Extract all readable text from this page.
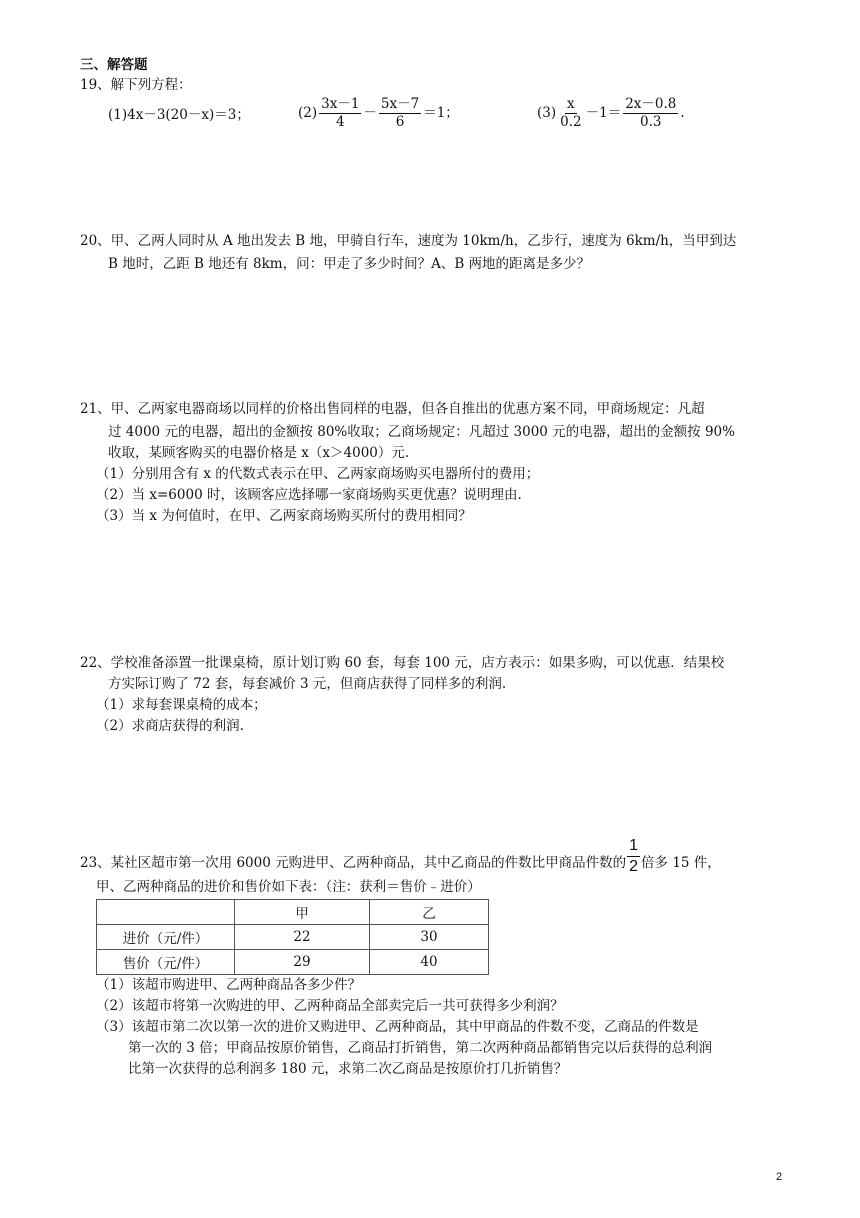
三、解答题
19、解下列方程：
(1)4x－3(20－x)＝3；	$(2) \frac{3x-1}{4} - \frac{5x-7}{6} =1$；	$(3) \frac{x}{0.2} -1= \frac{2x-0.8}{0.3}$ .
20、甲、乙两人同时从 A 地出发去 B 地，甲骑自行车，速度为 10km/h，乙步行，速度为 6km/h，当甲到达
B 地时，乙距 B 地还有 8km，问：甲走了多少时间？A、B 两地的距离是多少？
21、甲、乙两家电器商场以同样的价格出售同样的电器，但各自推出的优惠方案不同，甲商场规定：凡超
过 4000 元的电器，超出的金额按 80%收取；乙商场规定：凡超过 3000 元的电器，超出的金额按 90%
收取，某顾客购买的电器价格是 x（x＞4000）元.
（1）分别用含有 x 的代数式表示在甲、乙两家商场购买电器所付的费用；
（2）当 x=6000 时，该顾客应选择哪一家商场购买更优惠？说明理由.
（3）当 x 为何值时，在甲、乙两家商场购买所付的费用相同？
22、学校准备添置一批课桌椅，原计划订购 60 套，每套 100 元，店方表示：如果多购，可以优惠．结果校
方实际订购了 72 套，每套减价 3 元，但商店获得了同样多的利润.
（1）求每套课桌椅的成本；
（2）求商店获得的利润.
23、某社区超市第一次用 6000 元购进甲、乙两种商品，其中乙商品的件数比甲商品件数的 $\frac{1}{2}$ 倍多 15 件，
甲、乙两种商品的进价和售价如下表：（注：获利＝售价﹣进价）
	甲	乙
进价（元/件）	22	30
售价（元/件）	29	40
（1）该超市购进甲、乙两种商品各多少件？
（2）该超市将第一次购进的甲、乙两种商品全部卖完后一共可获得多少利润？
（3）该超市第二次以第一次的进价又购进甲、乙两种商品，其中甲商品的件数不变，乙商品的件数是
第一次的 3 倍；甲商品按原价销售，乙商品打折销售，第二次两种商品都销售完以后获得的总利润
比第一次获得的总利润多 180 元，求第二次乙商品是按原价打几折销售？
2
